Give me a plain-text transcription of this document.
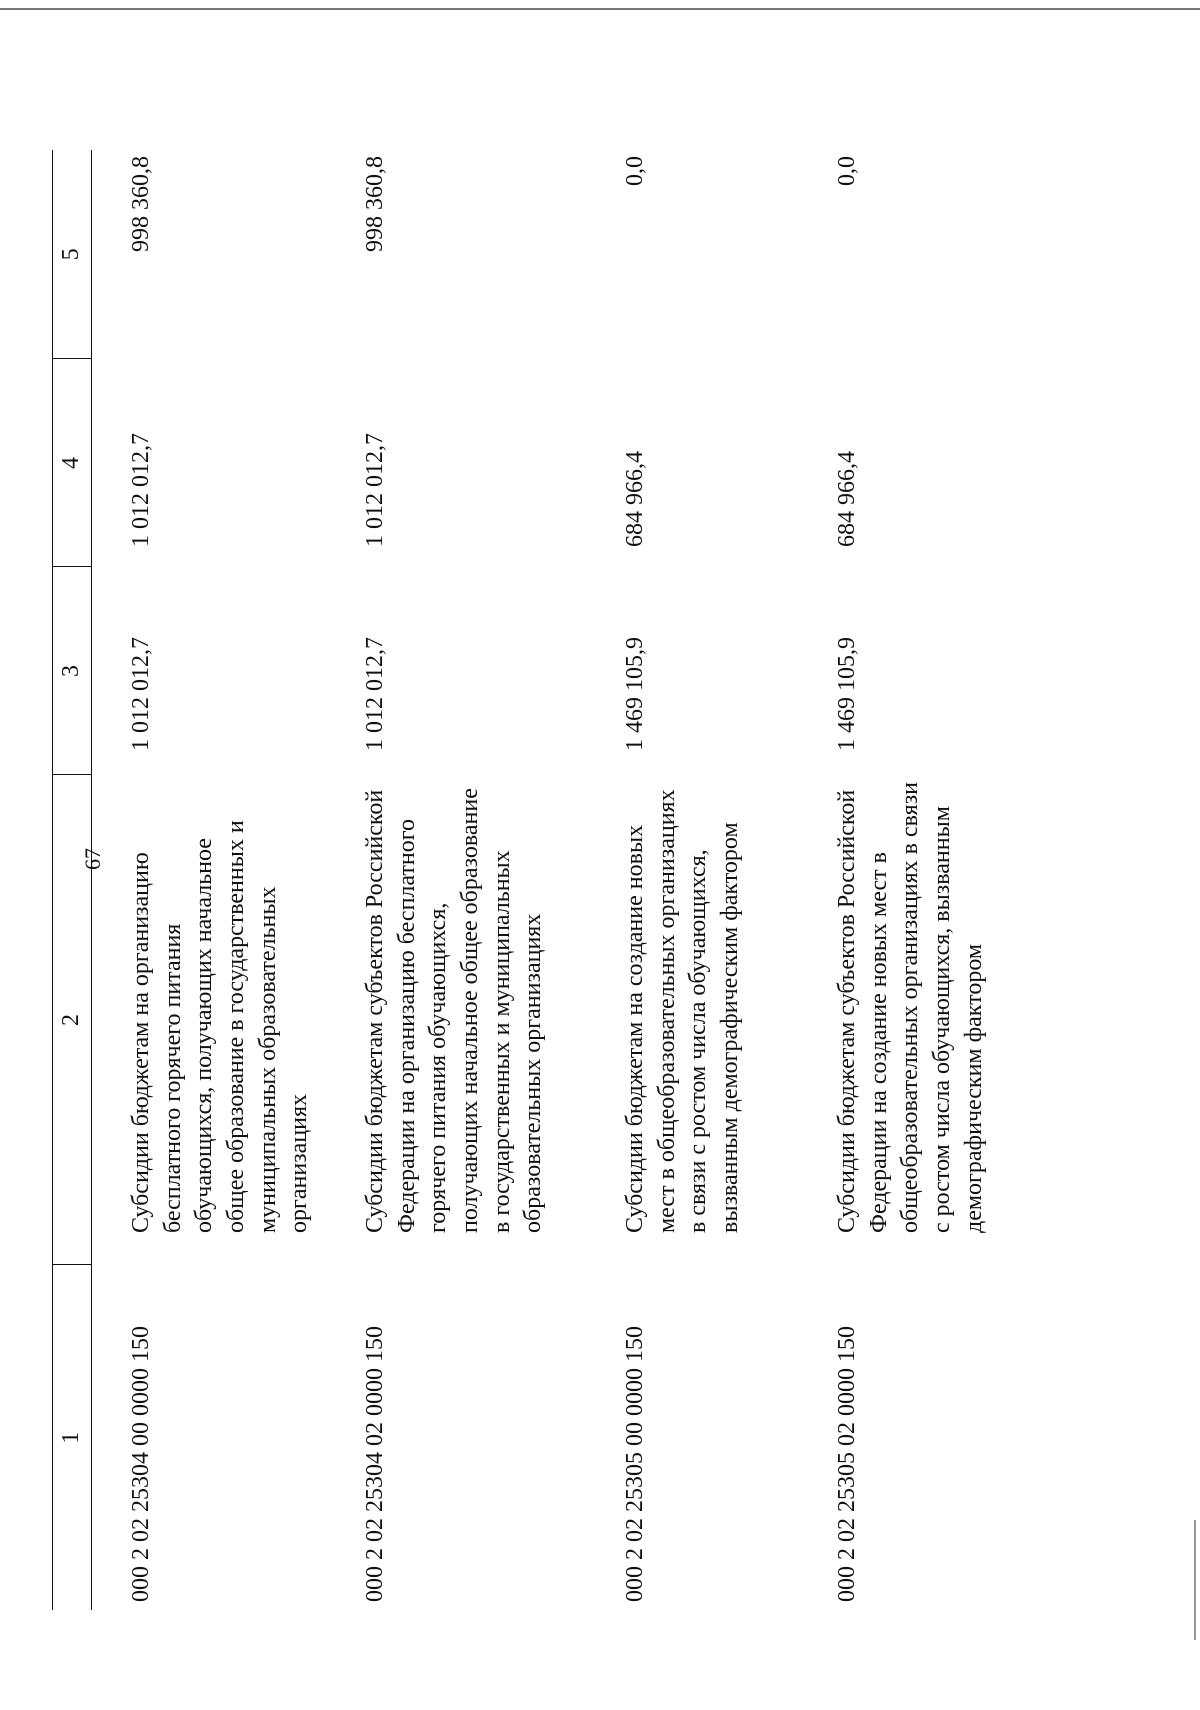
67
1	2	3	4	5
000 2 02 25304 00 0000 150	Субсидии бюджетам на организацию бесплатного горячего питания обучающихся, получающих начальное общее образование в государственных и муниципальных образовательных организациях	1 012 012,7	1 012 012,7	998 360,8
000 2 02 25304 02 0000 150	Субсидии бюджетам субъектов Российской Федерации на организацию бесплатного горячего питания обучающихся, получающих начальное общее образование в государственных и муниципальных образовательных организациях	1 012 012,7	1 012 012,7	998 360,8
000 2 02 25305 00 0000 150	Субсидии бюджетам на создание новых мест в общеобразовательных организациях в связи с ростом числа обучающихся, вызванным демографическим фактором	1 469 105,9	684 966,4	0,0
000 2 02 25305 02 0000 150	Субсидии бюджетам субъектов Российской Федерации на создание новых мест в общеобразовательных организациях в связи с ростом числа обучающихся, вызванным демографическим фактором	1 469 105,9	684 966,4	0,0
